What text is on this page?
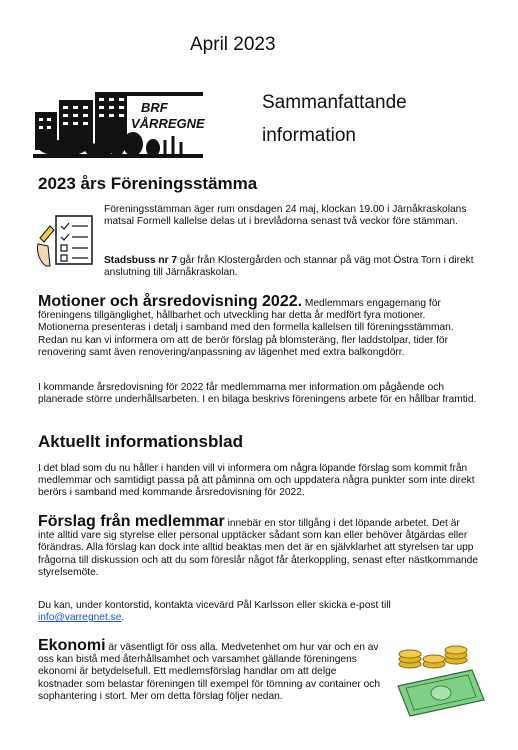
April 2023
BRF
VÅRREGNET
Sammanfattande
information
2023 års Föreningsstämma
Föreningsstämman äger rum onsdagen 24 maj, klockan 19.00 i Järnåkraskolans matsal Formell kallelse delas ut i brevlådorna senast två veckor före stämman.
Stadsbuss nr 7 går från Klostergården och stannar på väg mot Östra Torn i direkt anslutning till Järnåkraskolan.
Motioner och årsredovisning 2022. Medlemmars engagemang för föreningens tillgänglighet, hållbarhet och utveckling har detta år medfört fyra motioner. Motionerna presenteras i detalj i samband med den formella kallelsen till föreningsstämman. Redan nu kan vi informera om att de berör förslag på blomsteräng, fler laddstolpar, tider för renovering samt även renovering/anpassning av lägenhet med extra balkongdörr.
I kommande årsredovisning för 2022 får medlemmarna mer information om pågående och planerade större underhållsarbeten. I en bilaga beskrivs föreningens arbete för en hållbar framtid.
Aktuellt informationsblad
I det blad som du nu håller i handen vill vi informera om några löpande förslag som kommit från medlemmar och samtidigt passa på att påminna om och uppdatera några punkter som inte direkt berörs i samband med kommande årsredovisning för 2022.
Förslag från medlemmar innebär en stor tillgång i det löpande arbetet. Det är inte alltid vare sig styrelse eller personal upptäcker sådant som kan eller behöver åtgärdas eller förändras. Alla förslag kan dock inte alltid beaktas men det är en självklarhet att styrelsen tar upp frågorna till diskussion och att du som föreslår något får återkoppling, senast efter nästkommande styrelsemöte.
Du kan, under kontorstid, kontakta vicevärd Pål Karlsson eller skicka e-post till info@varregnet.se.
Ekonomi är väsentligt för oss alla. Medvetenhet om hur var och en av oss kan bistå med återhållsamhet och varsamhet gällande föreningens ekonomi är betydelsefull. Ett medlemsförslag handlar om att delge kostnader som belastar föreningen till exempel för tömning av container och sophantering i stort. Mer om detta förslag följer nedan.
